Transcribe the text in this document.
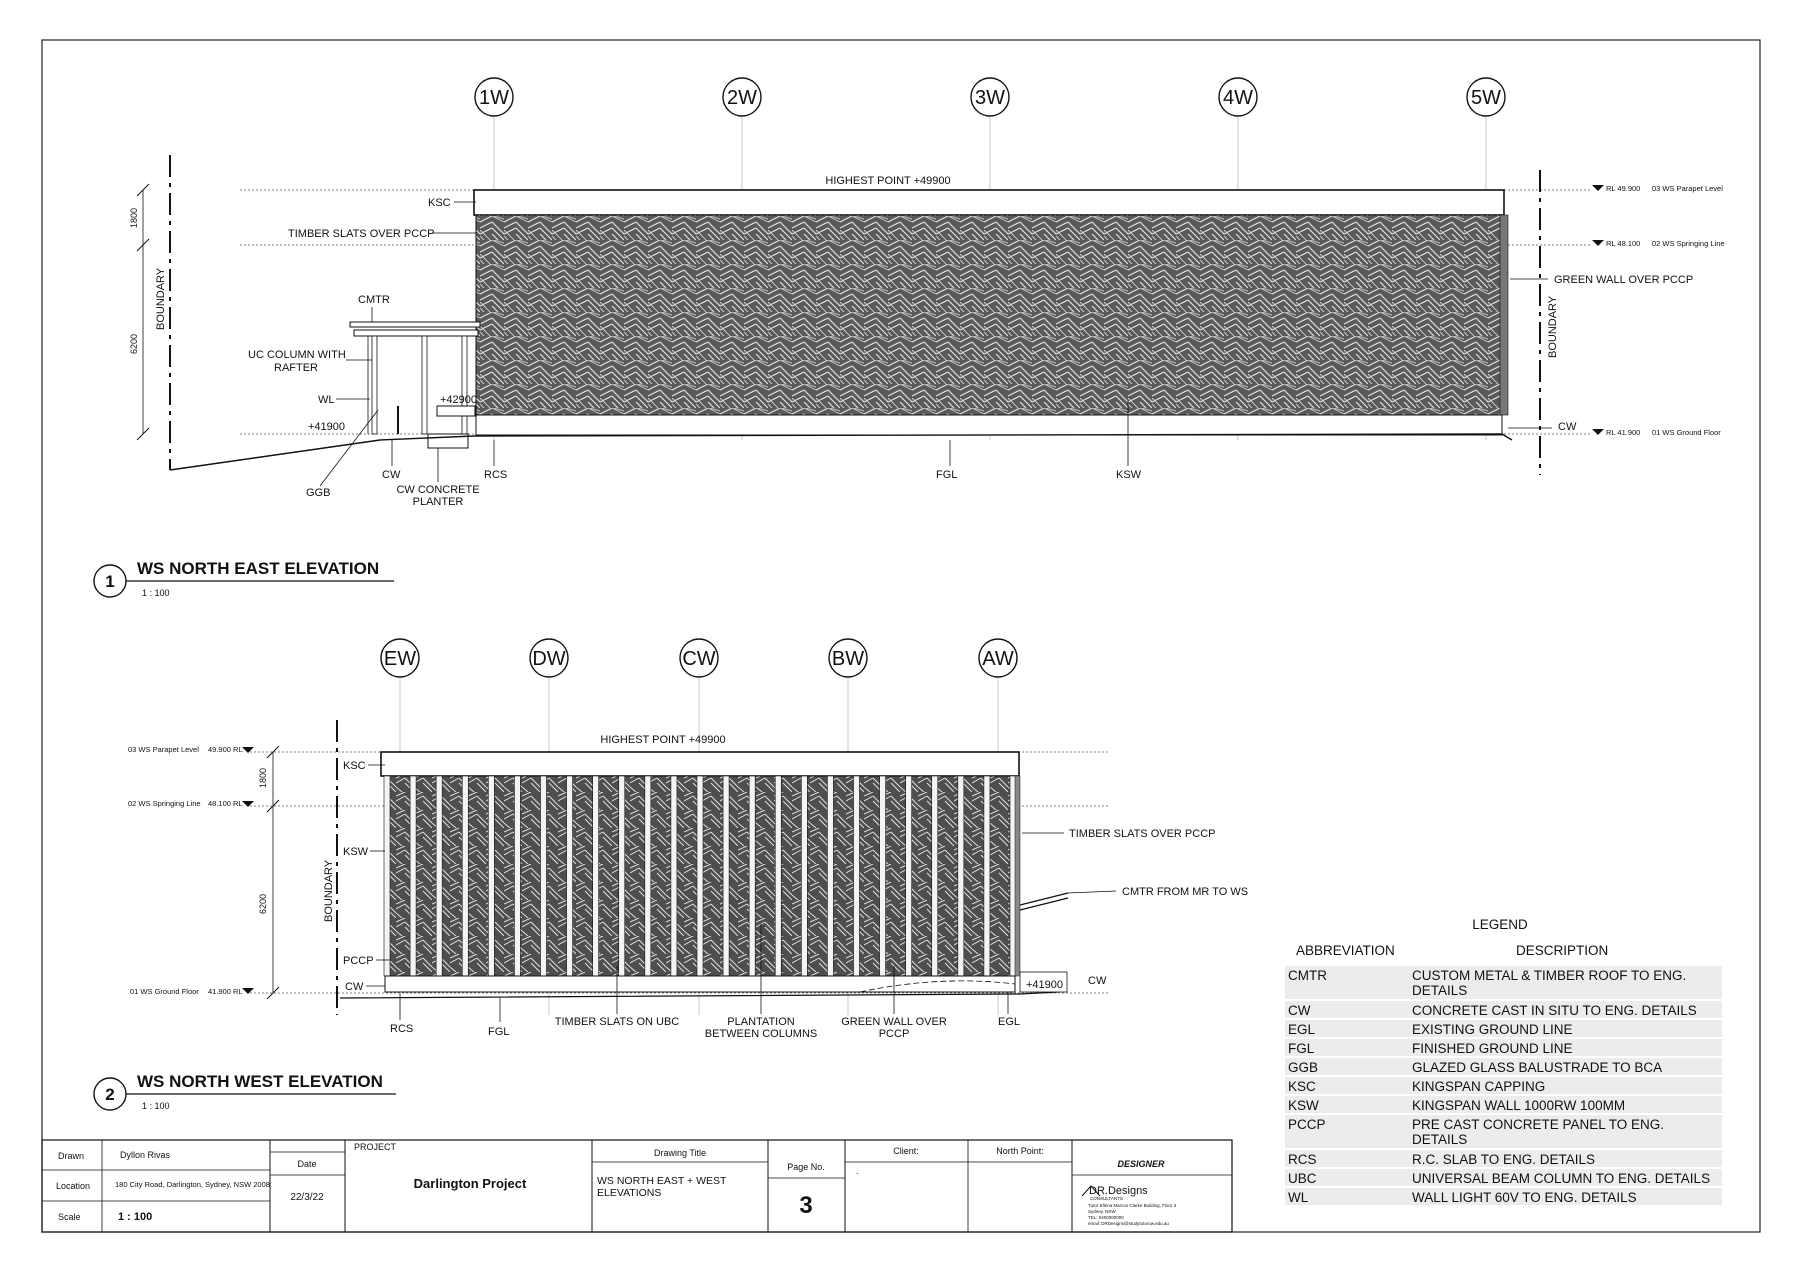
1W	2W	3W	4W	5W
BOUNDARY	BOUNDARY
1800
6200
RL 49.900 03 WS Parapet Level
RL 48.100 02 WS Springing Line
RL 41.900 01 WS Ground Floor
HIGHEST POINT +49900
KSC
TIMBER SLATS OVER PCCP
CMTR
UC COLUMN WITH
RAFTER
WL	+42900
+41900
GGB
CW
CW CONCRETE
PLANTER
RCS	FGL	KSW
GREEN WALL OVER PCCP
CW
1
WS NORTH EAST ELEVATION
1 : 100
EW	DW	CW	BW	AW
BOUNDARY
1800
6200
03 WS Parapet Level 49.900 RL
02 WS Springing Line 48.100 RL
01 WS Ground Floor 41.900 RL
HIGHEST POINT +49900
KSC
KSW
PCCP
CW
TIMBER SLATS OVER PCCP
CMTR FROM MR TO WS
CW
+41900
RCS	FGL
TIMBER SLATS ON UBC	PLANTATION
BETWEEN COLUMNS
GREEN WALL OVER
PCCP
EGL
2
WS NORTH WEST ELEVATION
1 : 100
LEGEND
ABBREVIATION	DESCRIPTION
CMTR	CUSTOM METAL & TIMBER ROOF TO ENG.
DETAILS
CW	CONCRETE CAST IN SITU TO ENG. DETAILS
EGL	EXISTING GROUND LINE
FGL	FINISHED GROUND LINE
GGB	GLAZED GLASS BALUSTRADE TO BCA
KSC	KINGSPAN CAPPING
KSW	KINGSPAN WALL 1000RW 100MM
PCCP	PRE CAST CONCRETE PANEL TO ENG.
DETAILS
RCS	R.C. SLAB TO ENG. DETAILS
UBC	UNIVERSAL BEAM COLUMN TO ENG. DETAILS
WL	WALL LIGHT 60V TO ENG. DETAILS
Drawn	Dyllon Rivas
Location	180 City Road, Darlington, Sydney, NSW 2008
Scale	1 : 100
Date
22/3/22
PROJECT
Darlington Project
Drawing Title
WS NORTH EAST + WEST
ELEVATIONS
Page No.
3
Client:
.
North Point:
DESIGNER
DR.Designs
CONSULTANTS
Tutor Ellena Marcus Clarke Building, Floor 3
Sydney, NSW
TEL: 0400000000
email: DRDesigns@studytutorow.edu.au
